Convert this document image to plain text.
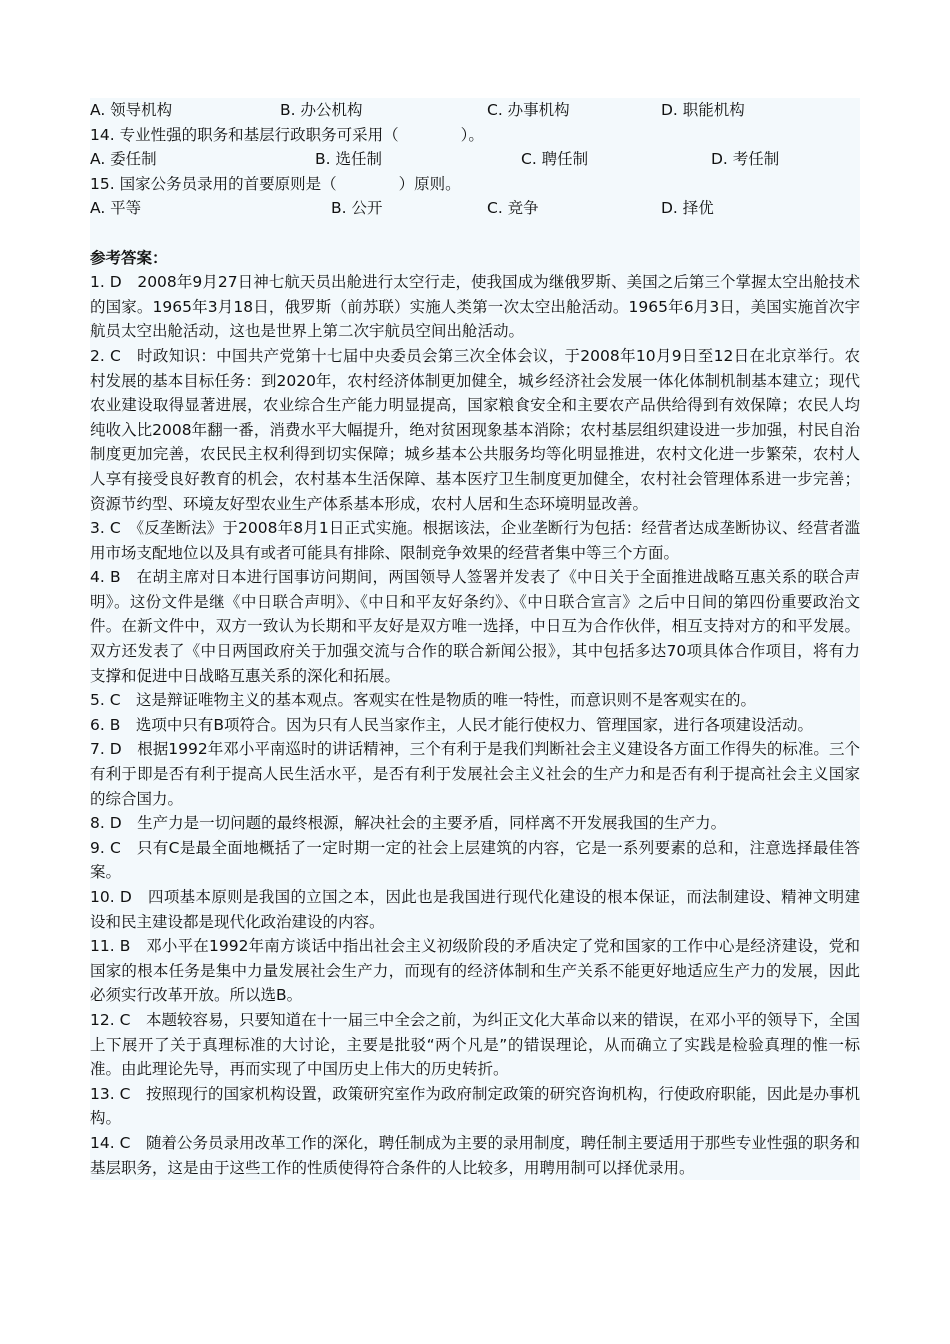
A. 领导机构	B. 办公机构	C. 办事机构	D. 职能机构
14. 专业性强的职务和基层行政职务可采用（　　　　）。
A. 委任制	B. 选任制	C. 聘任制	D. 考任制
15. 国家公务员录用的首要原则是（　　　　）原则。
A. 平等	B. 公开	C. 竞争	D. 择优
参考答案：
1. D　2008年9月27日神七航天员出舱进行太空行走，使我国成为继俄罗斯、美国之后第三个掌握太空出舱技术的国家。1965年3月18日，俄罗斯（前苏联）实施人类第一次太空出舱活动。1965年6月3日，美国实施首次宇航员太空出舱活动，这也是世界上第二次宇航员空间出舱活动。
2. C　时政知识：中国共产党第十七届中央委员会第三次全体会议，于2008年10月9日至12日在北京举行。农村发展的基本目标任务：到2020年，农村经济体制更加健全，城乡经济社会发展一体化体制机制基本建立；现代农业建设取得显著进展，农业综合生产能力明显提高，国家粮食安全和主要农产品供给得到有效保障；农民人均纯收入比2008年翻一番，消费水平大幅提升，绝对贫困现象基本消除；农村基层组织建设进一步加强，村民自治制度更加完善，农民民主权利得到切实保障；城乡基本公共服务均等化明显推进，农村文化进一步繁荣，农村人人享有接受良好教育的机会，农村基本生活保障、基本医疗卫生制度更加健全，农村社会管理体系进一步完善；资源节约型、环境友好型农业生产体系基本形成，农村人居和生态环境明显改善。
3. C　《反垄断法》于2008年8月1日正式实施。根据该法，企业垄断行为包括：经营者达成垄断协议、经营者滥用市场支配地位以及具有或者可能具有排除、限制竞争效果的经营者集中等三个方面。
4. B　在胡主席对日本进行国事访问期间，两国领导人签署并发表了《中日关于全面推进战略互惠关系的联合声明》。这份文件是继《中日联合声明》、《中日和平友好条约》、《中日联合宣言》之后中日间的第四份重要政治文件。在新文件中，双方一致认为长期和平友好是双方唯一选择，中日互为合作伙伴，相互支持对方的和平发展。双方还发表了《中日两国政府关于加强交流与合作的联合新闻公报》，其中包括多达70项具体合作项目，将有力支撑和促进中日战略互惠关系的深化和拓展。
5. C　这是辩证唯物主义的基本观点。客观实在性是物质的唯一特性，而意识则不是客观实在的。
6. B　选项中只有B项符合。因为只有人民当家作主，人民才能行使权力、管理国家，进行各项建设活动。
7. D　根据1992年邓小平南巡时的讲话精神，三个有利于是我们判断社会主义建设各方面工作得失的标准。三个有利于即是否有利于提高人民生活水平，是否有利于发展社会主义社会的生产力和是否有利于提高社会主义国家的综合国力。
8. D　生产力是一切问题的最终根源，解决社会的主要矛盾，同样离不开发展我国的生产力。
9. C　只有C是最全面地概括了一定时期一定的社会上层建筑的内容，它是一系列要素的总和，注意选择最佳答案。
10. D　四项基本原则是我国的立国之本，因此也是我国进行现代化建设的根本保证，而法制建设、精神文明建设和民主建设都是现代化政治建设的内容。
11. B　邓小平在1992年南方谈话中指出社会主义初级阶段的矛盾决定了党和国家的工作中心是经济建设，党和国家的根本任务是集中力量发展社会生产力，而现有的经济体制和生产关系不能更好地适应生产力的发展，因此必须实行改革开放。所以选B。
12. C　本题较容易，只要知道在十一届三中全会之前，为纠正文化大革命以来的错误，在邓小平的领导下，全国上下展开了关于真理标准的大讨论，主要是批驳“两个凡是”的错误理论，从而确立了实践是检验真理的惟一标准。由此理论先导，再而实现了中国历史上伟大的历史转折。
13. C　按照现行的国家机构设置，政策研究室作为政府制定政策的研究咨询机构，行使政府职能，因此是办事机构。
14. C　随着公务员录用改革工作的深化，聘任制成为主要的录用制度，聘任制主要适用于那些专业性强的职务和基层职务，这是由于这些工作的性质使得符合条件的人比较多，用聘用制可以择优录用。
